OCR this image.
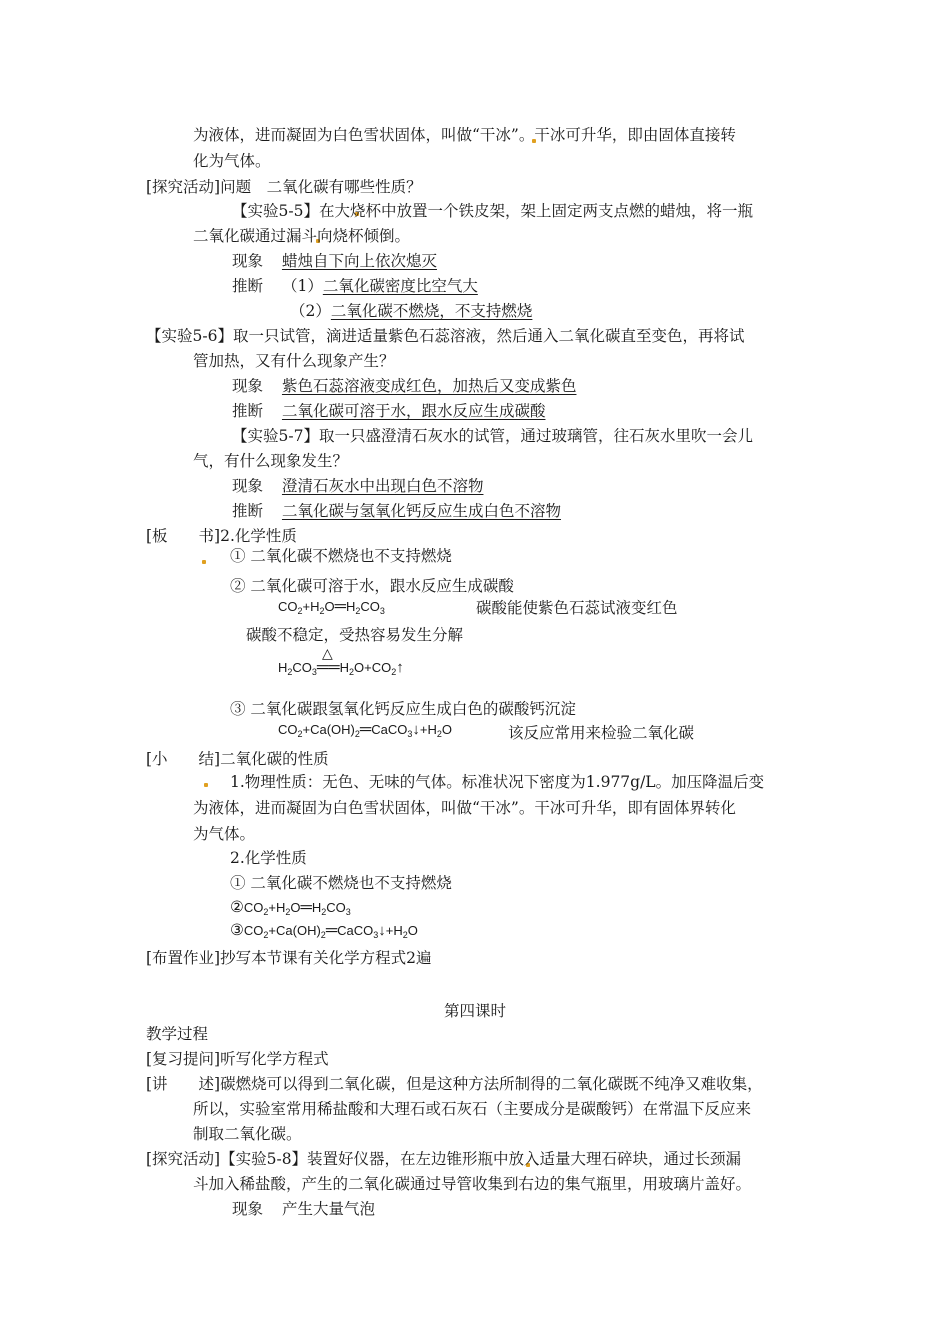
为液体，进而凝固为白色雪状固体，叫做“干冰”。干冰可升华，即由固体直接转
化为气体。
[探究活动]问题　二氧化碳有哪些性质？
【实验5-5】在大烧杯中放置一个铁皮架，架上固定两支点燃的蜡烛，将一瓶
二氧化碳通过漏斗向烧杯倾倒。
现象 蜡烛自下向上依次熄灭
推断 （1）二氧化碳密度比空气大
（2）二氧化碳不燃烧，不支持燃烧
【实验5-6】取一只试管，滴进适量紫色石蕊溶液，然后通入二氧化碳直至变色，再将试
管加热，又有什么现象产生？
现象 紫色石蕊溶液变成红色，加热后又变成紫色
推断 二氧化碳可溶于水，跟水反应生成碳酸
【实验5-7】取一只盛澄清石灰水的试管，通过玻璃管，往石灰水里吹一会儿
气，有什么现象发生？
现象 澄清石灰水中出现白色不溶物
推断 二氧化碳与氢氧化钙反应生成白色不溶物
[板　　书]2.化学性质
① 二氧化碳不燃烧也不支持燃烧
② 二氧化碳可溶于水，跟水反应生成碳酸
$CO_2+H_2O═H_2CO_3$	碳酸能使紫色石蕊试液变红色
碳酸不稳定，受热容易发生分解
△
$H_2CO_3══H_2O+CO_2↑$
③ 二氧化碳跟氢氧化钙反应生成白色的碳酸钙沉淀
$CO_2+Ca(OH)_2═CaCO_3↓+H_2O$	该反应常用来检验二氧化碳
[小　　结]二氧化碳的性质
1.物理性质：无色、无味的气体。标准状况下密度为1.977g/L。加压降温后变
为液体，进而凝固为白色雪状固体，叫做“干冰”。干冰可升华，即有固体界转化
为气体。
2.化学性质
① 二氧化碳不燃烧也不支持燃烧
$②CO_2+H_2O═H_2CO_3$
$③CO_2+Ca(OH)_2═CaCO_3↓+H_2O$
[布置作业]抄写本节课有关化学方程式2遍
第四课时
教学过程
[复习提问]听写化学方程式
[讲　　述]碳燃烧可以得到二氧化碳，但是这种方法所制得的二氧化碳既不纯净又难收集，
所以，实验室常用稀盐酸和大理石或石灰石（主要成分是碳酸钙）在常温下反应来
制取二氧化碳。
[探究活动]【实验5-8】装置好仪器，在左边锥形瓶中放入适量大理石碎块，通过长颈漏
斗加入稀盐酸，产生的二氧化碳通过导管收集到右边的集气瓶里，用玻璃片盖好。
现象 产生大量气泡
